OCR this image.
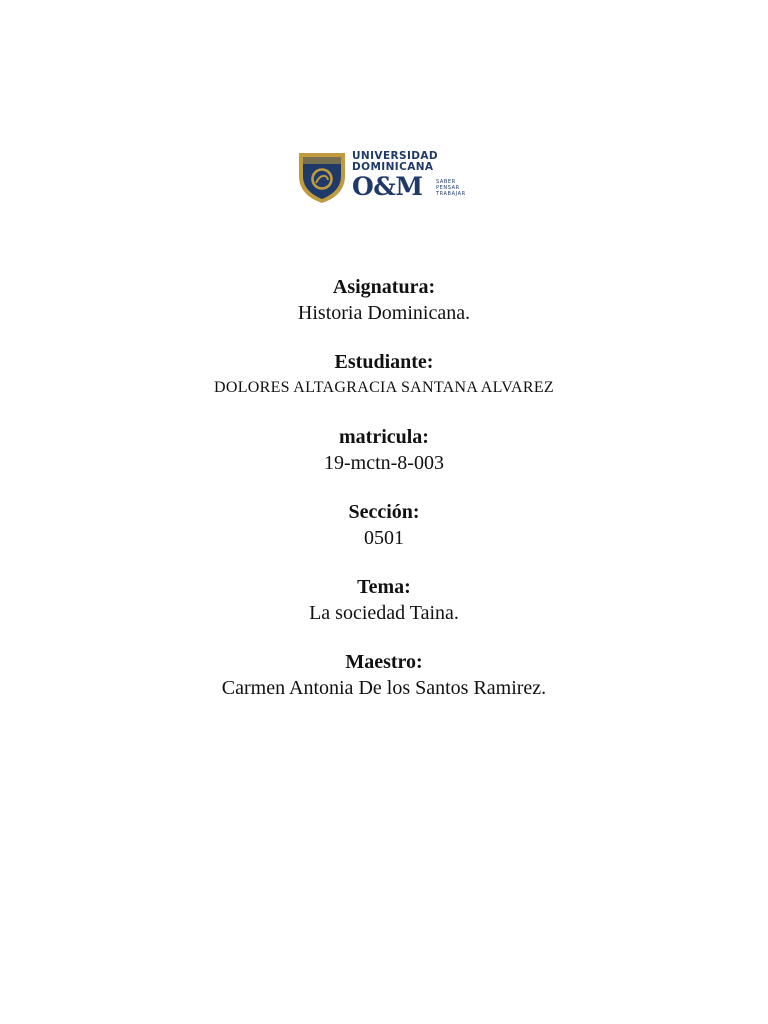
UNIVERSIDAD
DOMINICANA
O&M	SABER
PENSAR
TRABAJAR
Asignatura:
Historia Dominicana.
Estudiante:
DOLORES ALTAGRACIA SANTANA ALVAREZ
matricula:
19-mctn-8-003
Sección:
0501
Tema:
La sociedad Taina.
Maestro:
Carmen Antonia De los Santos Ramirez.
